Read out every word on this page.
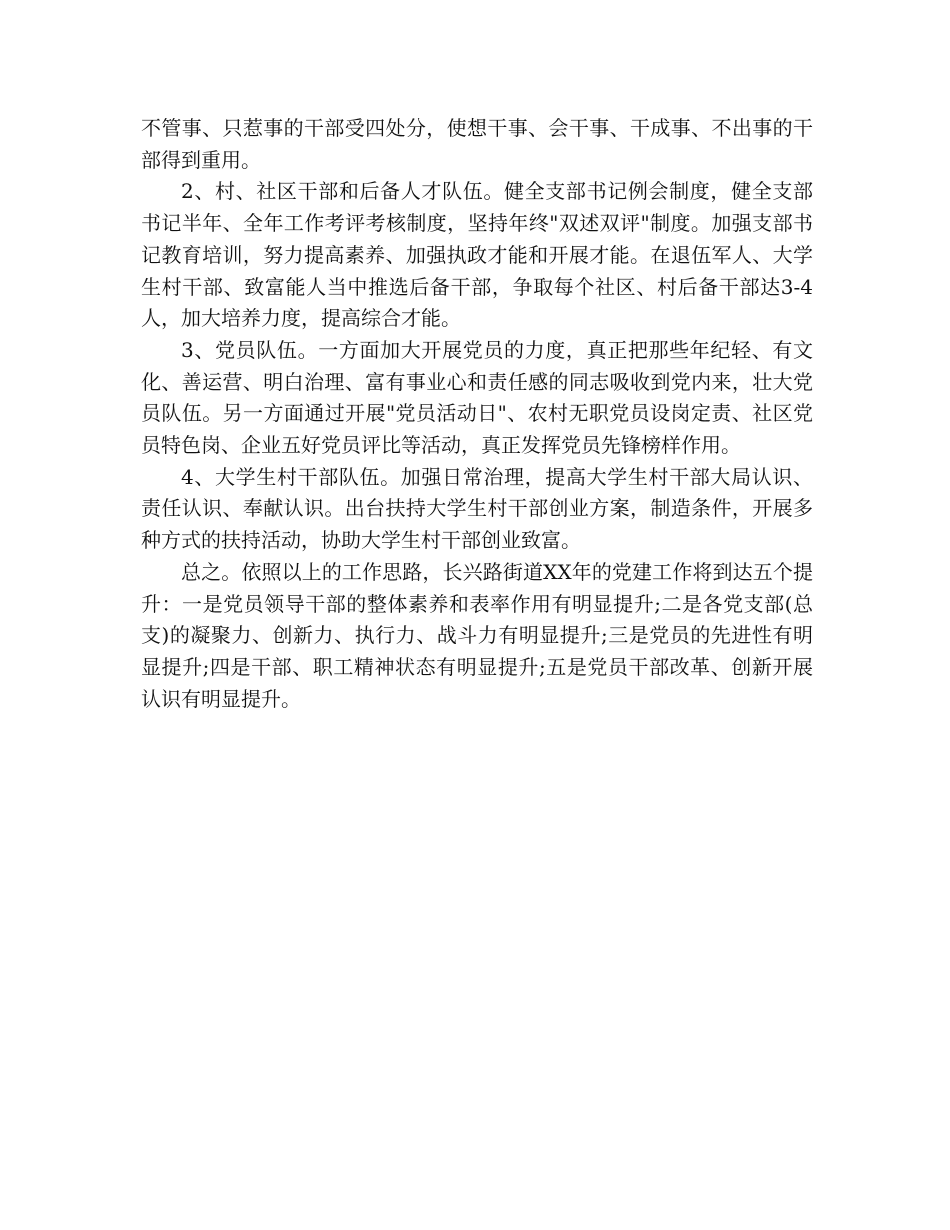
不管事、只惹事的干部受四处分，使想干事、会干事、干成事、不出事的干部得到重用。

2、村、社区干部和后备人才队伍。健全支部书记例会制度，健全支部书记半年、全年工作考评考核制度，坚持年终"双述双评"制度。加强支部书记教育培训，努力提高素养、加强执政才能和开展才能。在退伍军人、大学生村干部、致富能人当中推选后备干部，争取每个社区、村后备干部达3-4人，加大培养力度，提高综合才能。

3、党员队伍。一方面加大开展党员的力度，真正把那些年纪轻、有文化、善运营、明白治理、富有事业心和责任感的同志吸收到党内来，壮大党员队伍。另一方面通过开展"党员活动日"、农村无职党员设岗定责、社区党员特色岗、企业五好党员评比等活动，真正发挥党员先锋榜样作用。

4、大学生村干部队伍。加强日常治理，提高大学生村干部大局认识、责任认识、奉献认识。出台扶持大学生村干部创业方案，制造条件，开展多种方式的扶持活动，协助大学生村干部创业致富。

总之。依照以上的工作思路，长兴路街道XX年的党建工作将到达五个提升：一是党员领导干部的整体素养和表率作用有明显提升;二是各党支部(总支)的凝聚力、创新力、执行力、战斗力有明显提升;三是党员的先进性有明显提升;四是干部、职工精神状态有明显提升;五是党员干部改革、创新开展认识有明显提升。
